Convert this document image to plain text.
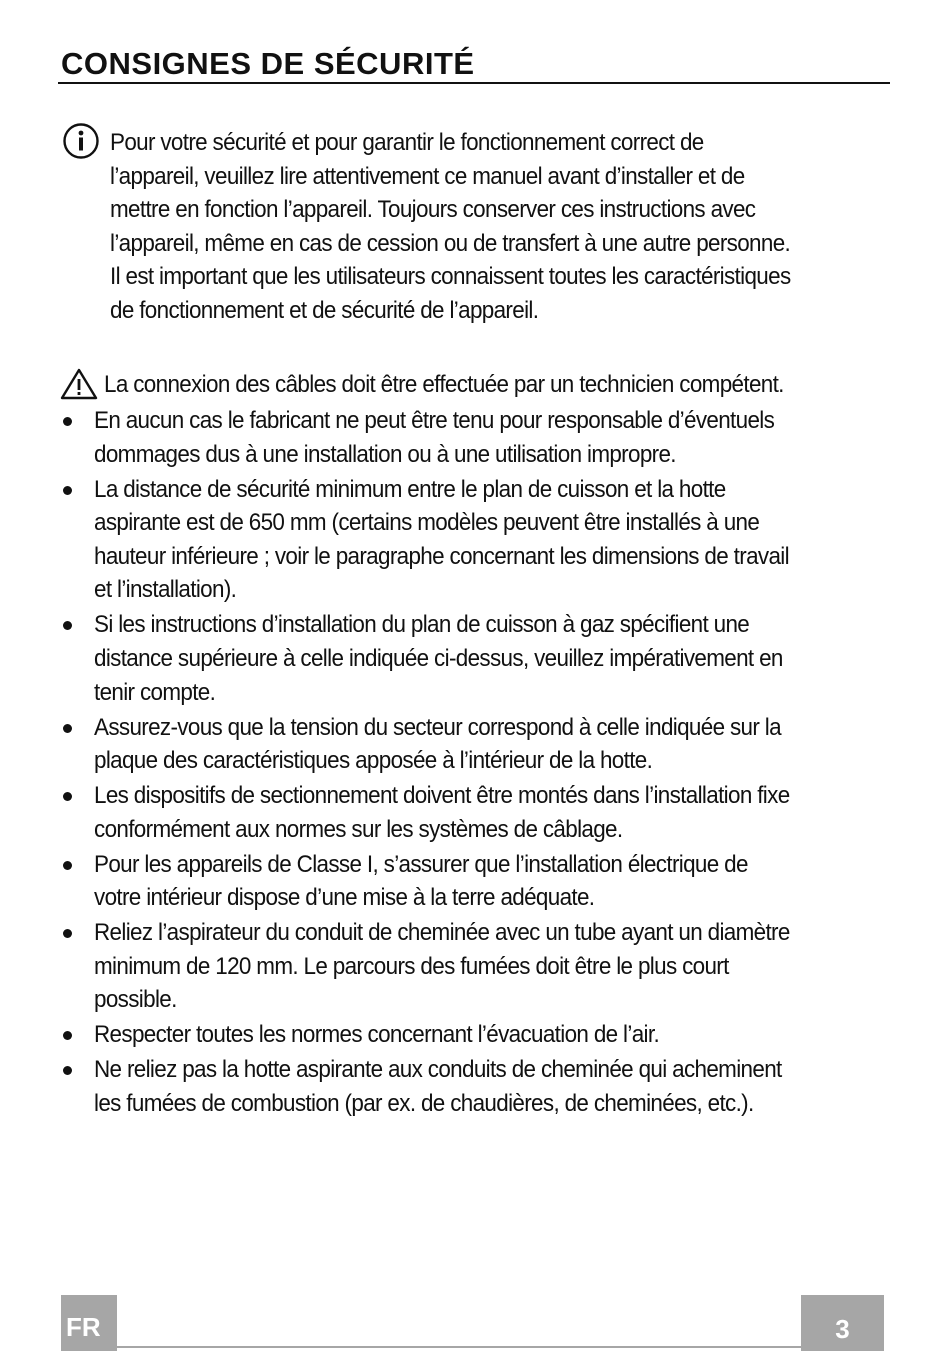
CONSIGNES DE SÉCURITÉ
Pour votre sécurité et pour garantir le fonctionnement correct de
l’appareil, veuillez lire attentivement ce manuel avant d’installer et de
mettre en fonction l’appareil. Toujours conserver ces instructions avec
l’appareil, même en cas de cession ou de transfert à une autre personne.
Il est important que les utilisateurs connaissent toutes les caractéristiques
de fonctionnement et de sécurité de l’appareil.
La connexion des câbles doit être effectuée par un technicien compétent.
En aucun cas le fabricant ne peut être tenu pour responsable d’éventuels
dommages dus à une installation ou à une utilisation impropre.
La distance de sécurité minimum entre le plan de cuisson et la hotte
aspirante est de 650 mm (certains modèles peuvent être installés à une
hauteur inférieure ; voir le paragraphe concernant les dimensions de travail
et l’installation).
Si les instructions d’installation du plan de cuisson à gaz spécifient une
distance supérieure à celle indiquée ci-dessus, veuillez impérativement en
tenir compte.
Assurez-vous que la tension du secteur correspond à celle indiquée sur la
plaque des caractéristiques apposée à l’intérieur de la hotte.
Les dispositifs de sectionnement doivent être montés dans l’installation fixe
conformément aux normes sur les systèmes de câblage.
Pour les appareils de Classe I, s’assurer que l’installation électrique de
votre intérieur dispose d’une mise à la terre adéquate.
Reliez l’aspirateur du conduit de cheminée avec un tube ayant un diamètre
minimum de 120 mm. Le parcours des fumées doit être le plus court
possible.
Respecter toutes les normes concernant l’évacuation de l’air.
Ne reliez pas la hotte aspirante aux conduits de cheminée qui acheminent
les fumées de combustion (par ex. de chaudières, de cheminées, etc.).
FR	3
